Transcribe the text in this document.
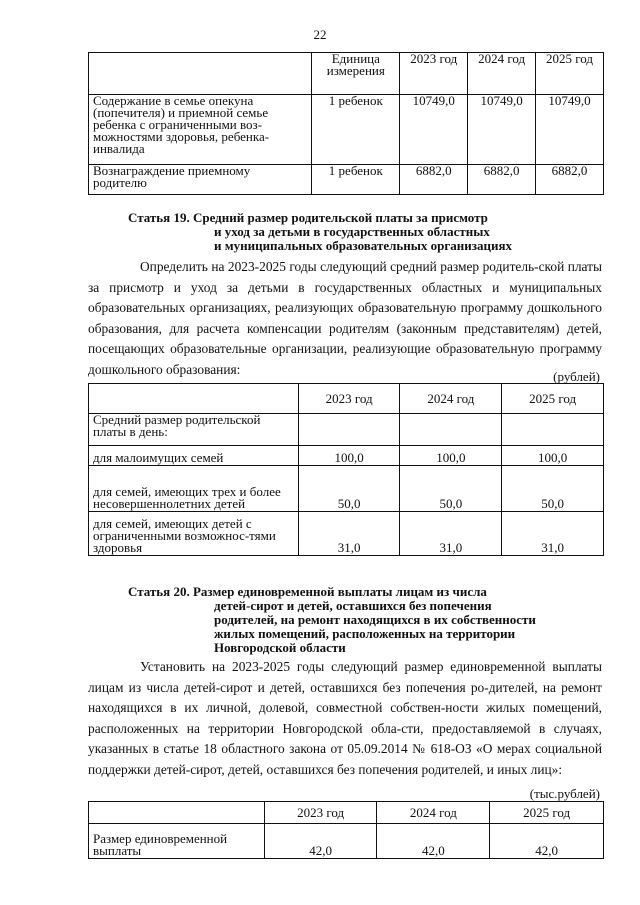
22
	Единица измерения	2023 год	2024 год	2025 год
Содержание в семье опекуна (попечителя) и приемной семье ребенка с ограниченными воз-можностями здоровья, ребенка-инвалида	1 ребенок	10749,0	10749,0	10749,0
Вознаграждение приемному родителю	1 ребенок	6882,0	6882,0	6882,0
Статья 19. Средний размер родительской платы за присмотр
и уход за детьми в государственных областных
и муниципальных образовательных организациях
Определить на 2023-2025 годы следующий средний размер родитель-ской платы за присмотр и уход за детьми в государственных областных и муниципальных образовательных организациях, реализующих образовательную программу дошкольного образования, для расчета компенсации родителям (законным представителям) детей, посещающих образовательные организации, реализующие образовательную программу дошкольного образования:	(рублей)
	2023 год	2024 год	2025 год
Средний размер родительской платы в день:			
для малоимущих семей	100,0	100,0	100,0
для семей, имеющих трех и более несовершеннолетних детей	50,0	50,0	50,0
для семей, имеющих детей с ограниченными возможнос-тями здоровья	31,0	31,0	31,0
Статья 20. Размер единовременной выплаты лицам из числа
детей-сирот и детей, оставшихся без попечения
родителей, на ремонт находящихся в их собственности
жилых помещений, расположенных на территории
Новгородской области
Установить на 2023-2025 годы следующий размер единовременной выплаты лицам из числа детей-сирот и детей, оставшихся без попечения ро-дителей, на ремонт находящихся в их личной, долевой, совместной собствен-ности жилых помещений, расположенных на территории Новгородской обла-сти, предоставляемой в случаях, указанных в статье 18 областного закона от 05.09.2014 № 618-ОЗ «О мерах социальной поддержки детей-сирот, детей, оставшихся без попечения родителей, и иных лиц»:
(тыс.рублей)
	2023 год	2024 год	2025 год
Размер единовременной выплаты	42,0	42,0	42,0
